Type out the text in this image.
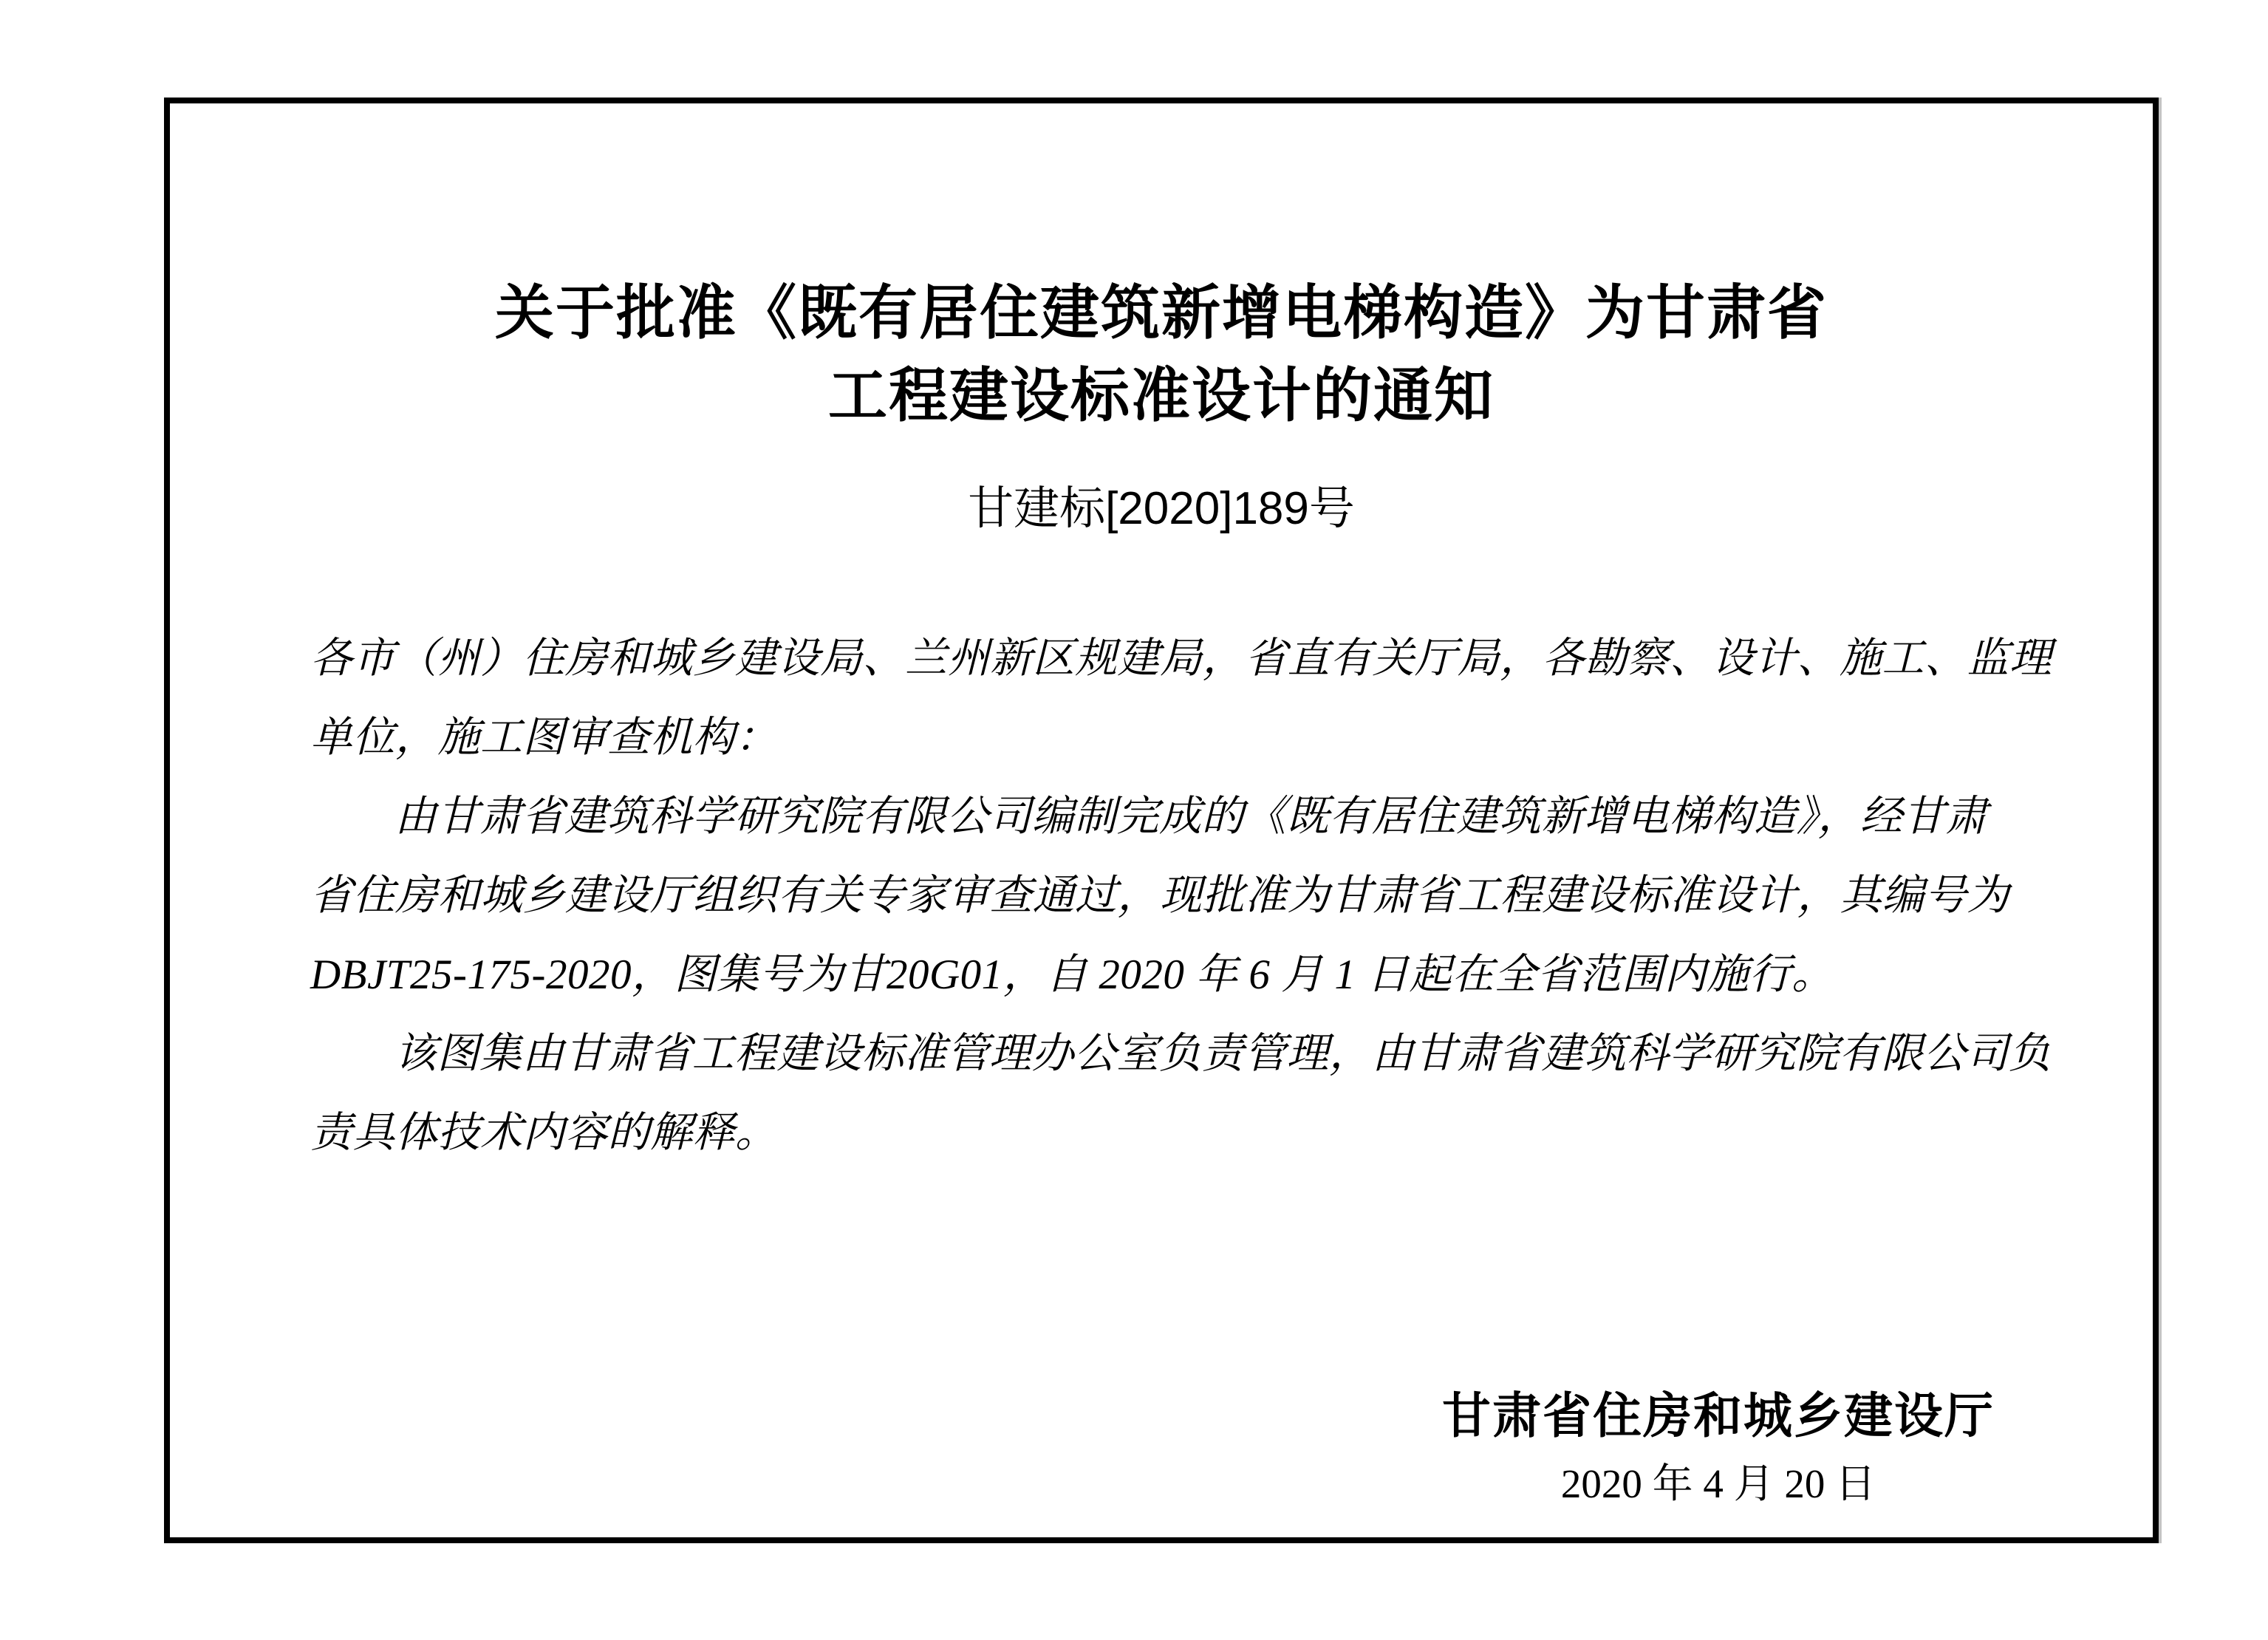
关于批准《既有居住建筑新增电梯构造》为甘肃省
工程建设标准设计的通知
甘建标[2020]189号
各市（州）住房和城乡建设局、兰州新区规建局，省直有关厅局，各勘察、设计、施工、监理
单位，施工图审查机构：
由甘肃省建筑科学研究院有限公司编制完成的《既有居住建筑新增电梯构造》，经甘肃
省住房和城乡建设厅组织有关专家审查通过，现批准为甘肃省工程建设标准设计，其编号为
DBJT25-175-2020，图集号为甘20G01，自 2020 年 6 月 1 日起在全省范围内施行。
该图集由甘肃省工程建设标准管理办公室负责管理，由甘肃省建筑科学研究院有限公司负
责具体技术内容的解释。
甘肃省住房和城乡建设厅
2020 年 4 月 20 日
